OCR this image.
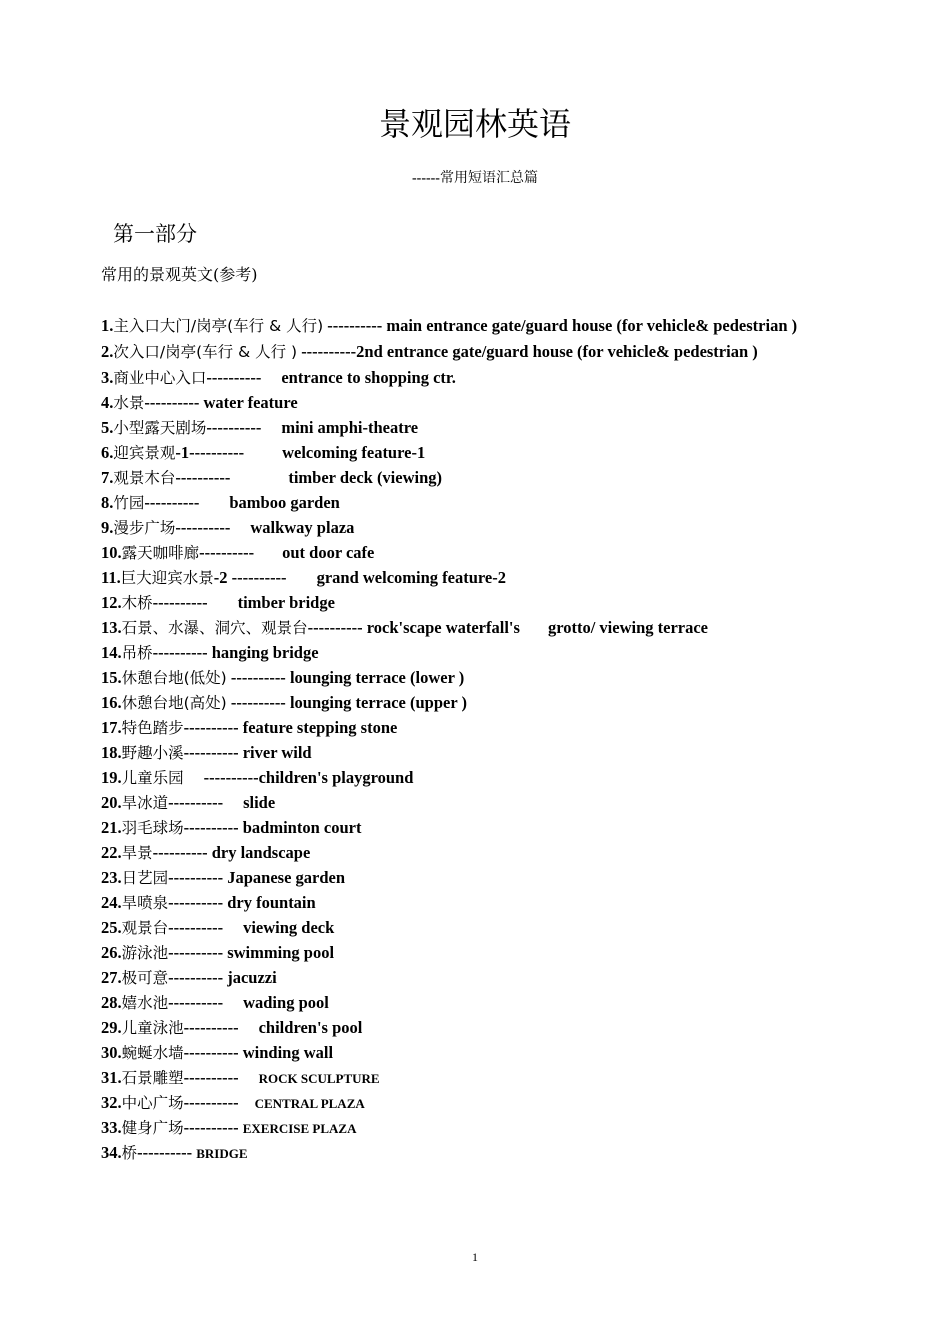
景观园林英语
------常用短语汇总篇
第一部分
常用的景观英文(参考)
1.主入口大门/岗亭(车行 & 人行) ---------- main entrance gate/guard house (for vehicle& pedestrian )
2.次入口/岗亭(车行 & 人行 ) ----------2nd entrance gate/guard house (for vehicle& pedestrian )
3.商业中心入口---------- entrance to shopping ctr.
4.水景---------- water feature
5.小型露天剧场---------- mini amphi-theatre
6.迎宾景观-1---------- welcoming feature-1
7.观景木台----------	timber deck (viewing)
8.竹园---------- bamboo garden
9.漫步广场---------- walkway plaza
10.露天咖啡廊---------- out door cafe
11.巨大迎宾水景-2 ---------- grand welcoming feature-2
12.木桥---------- timber bridge
13.石景、水瀑、洞穴、观景台---------- rock'scape waterfall's grotto/ viewing terrace
14.吊桥---------- hanging bridge
15.休憩台地(低处) ---------- lounging terrace (lower )
16.休憩台地(高处) ---------- lounging terrace (upper )
17.特色踏步---------- feature stepping stone
18.野趣小溪---------- river wild
19.儿童乐园 ----------children's playground
20.旱冰道---------- slide
21.羽毛球场---------- badminton court
22.旱景---------- dry landscape
23.日艺园---------- Japanese garden
24.旱喷泉---------- dry fountain
25.观景台---------- viewing deck
26.游泳池---------- swimming pool
27.极可意---------- jacuzzi
28.嬉水池---------- wading pool
29.儿童泳池---------- children's pool
30.蜿蜒水墙---------- winding wall
31.石景雕塑---------- ROCK SCULPTURE
32.中心广场---------- CENTRAL PLAZA
33.健身广场---------- EXERCISE PLAZA
34.桥---------- BRIDGE
1
